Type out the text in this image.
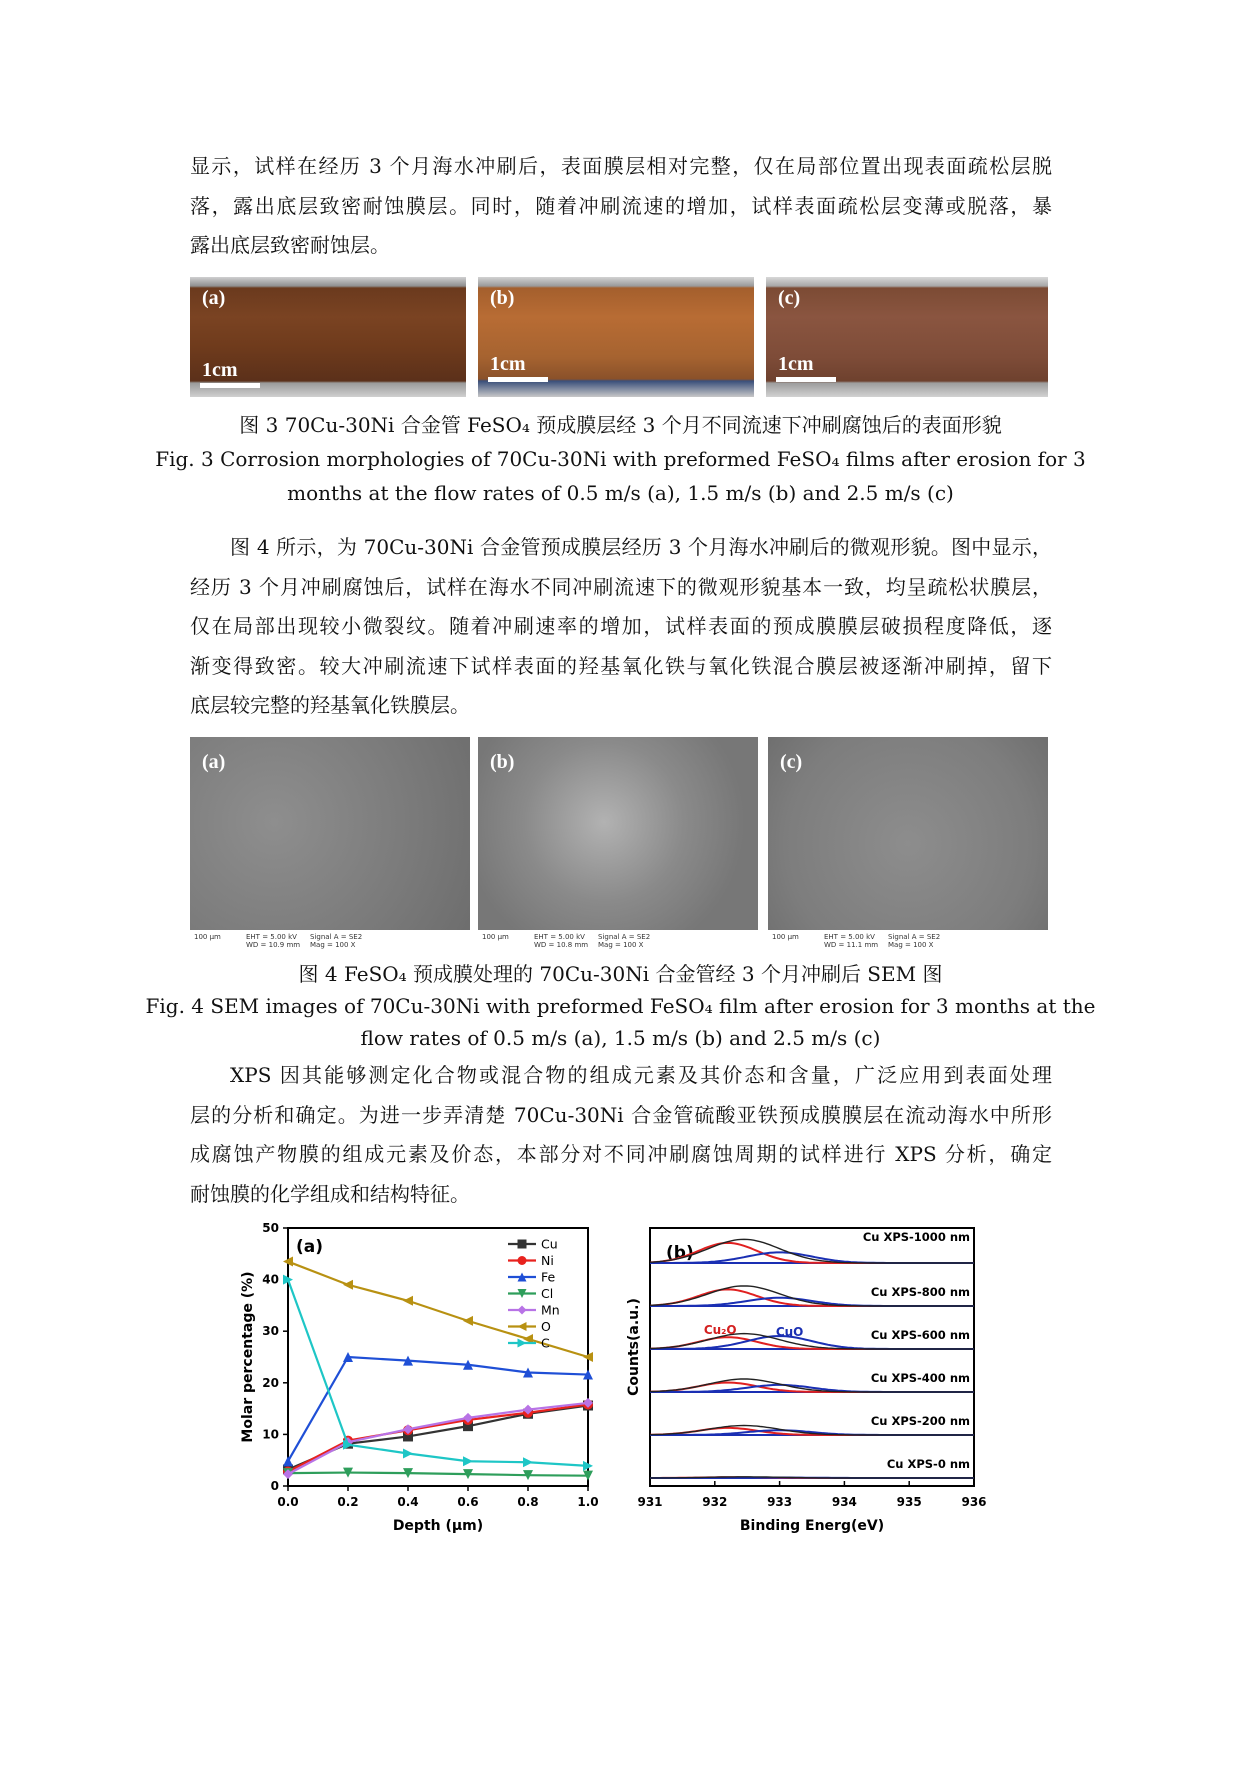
显示，试样在经历 3 个月海水冲刷后，表面膜层相对完整，仅在局部位置出现表面疏松层脱
落，露出底层致密耐蚀膜层。同时，随着冲刷流速的增加，试样表面疏松层变薄或脱落，暴
露出底层致密耐蚀层。

(a)
1cm
(b)
1cm
(c)
1cm

图 3 70Cu-30Ni 合金管 FeSO₄ 预成膜层经 3 个月不同流速下冲刷腐蚀后的表面形貌
Fig. 3 Corrosion morphologies of 70Cu-30Ni with preformed FeSO₄ films after erosion for 3
months at the flow rates of 0.5 m/s (a), 1.5 m/s (b) and 2.5 m/s (c)

图 4 所示，为 70Cu-30Ni 合金管预成膜层经历 3 个月海水冲刷后的微观形貌。图中显示，
经历 3 个月冲刷腐蚀后，试样在海水不同冲刷流速下的微观形貌基本一致，均呈疏松状膜层，
仅在局部出现较小微裂纹。随着冲刷速率的增加，试样表面的预成膜膜层破损程度降低，逐
渐变得致密。较大冲刷流速下试样表面的羟基氧化铁与氧化铁混合膜层被逐渐冲刷掉，留下
底层较完整的羟基氧化铁膜层。

(a)
100 μm	EHT = 5.00 kV
WD = 10.9 mm
Signal A = SE2
Mag = 100 X
(b)
100 μm	EHT = 5.00 kV
WD = 10.8 mm
Signal A = SE2
Mag = 100 X
(c)
100 μm	EHT = 5.00 kV
WD = 11.1 mm
Signal A = SE2
Mag = 100 X

图 4 FeSO₄ 预成膜处理的 70Cu-30Ni 合金管经 3 个月冲刷后 SEM 图
Fig. 4 SEM images of 70Cu-30Ni with preformed FeSO₄ film after erosion for 3 months at the
flow rates of 0.5 m/s (a), 1.5 m/s (b) and 2.5 m/s (c)

XPS 因其能够测定化合物或混合物的组成元素及其价态和含量，广泛应用到表面处理
层的分析和确定。为进一步弄清楚 70Cu-30Ni 合金管硫酸亚铁预成膜膜层在流动海水中所形
成腐蚀产物膜的组成元素及价态，本部分对不同冲刷腐蚀周期的试样进行 XPS 分析，确定
耐蚀膜的化学组成和结构特征。

0
10
20
30
40
50
0.0	0.2	0.4	0.6	0.8	1.0
Depth (μm)
Molar percentage (%)
(a)	Cu
Ni
Fe
Cl
Mn
O
C
931	932	933	934	935	936
Binding Energ(eV)
Counts(a.u.)
(b)
Cu XPS-1000 nm
Cu XPS-800 nm
Cu XPS-600 nm
Cu XPS-400 nm
Cu XPS-200 nm
Cu XPS-0 nm
Cu₂O	CuO
